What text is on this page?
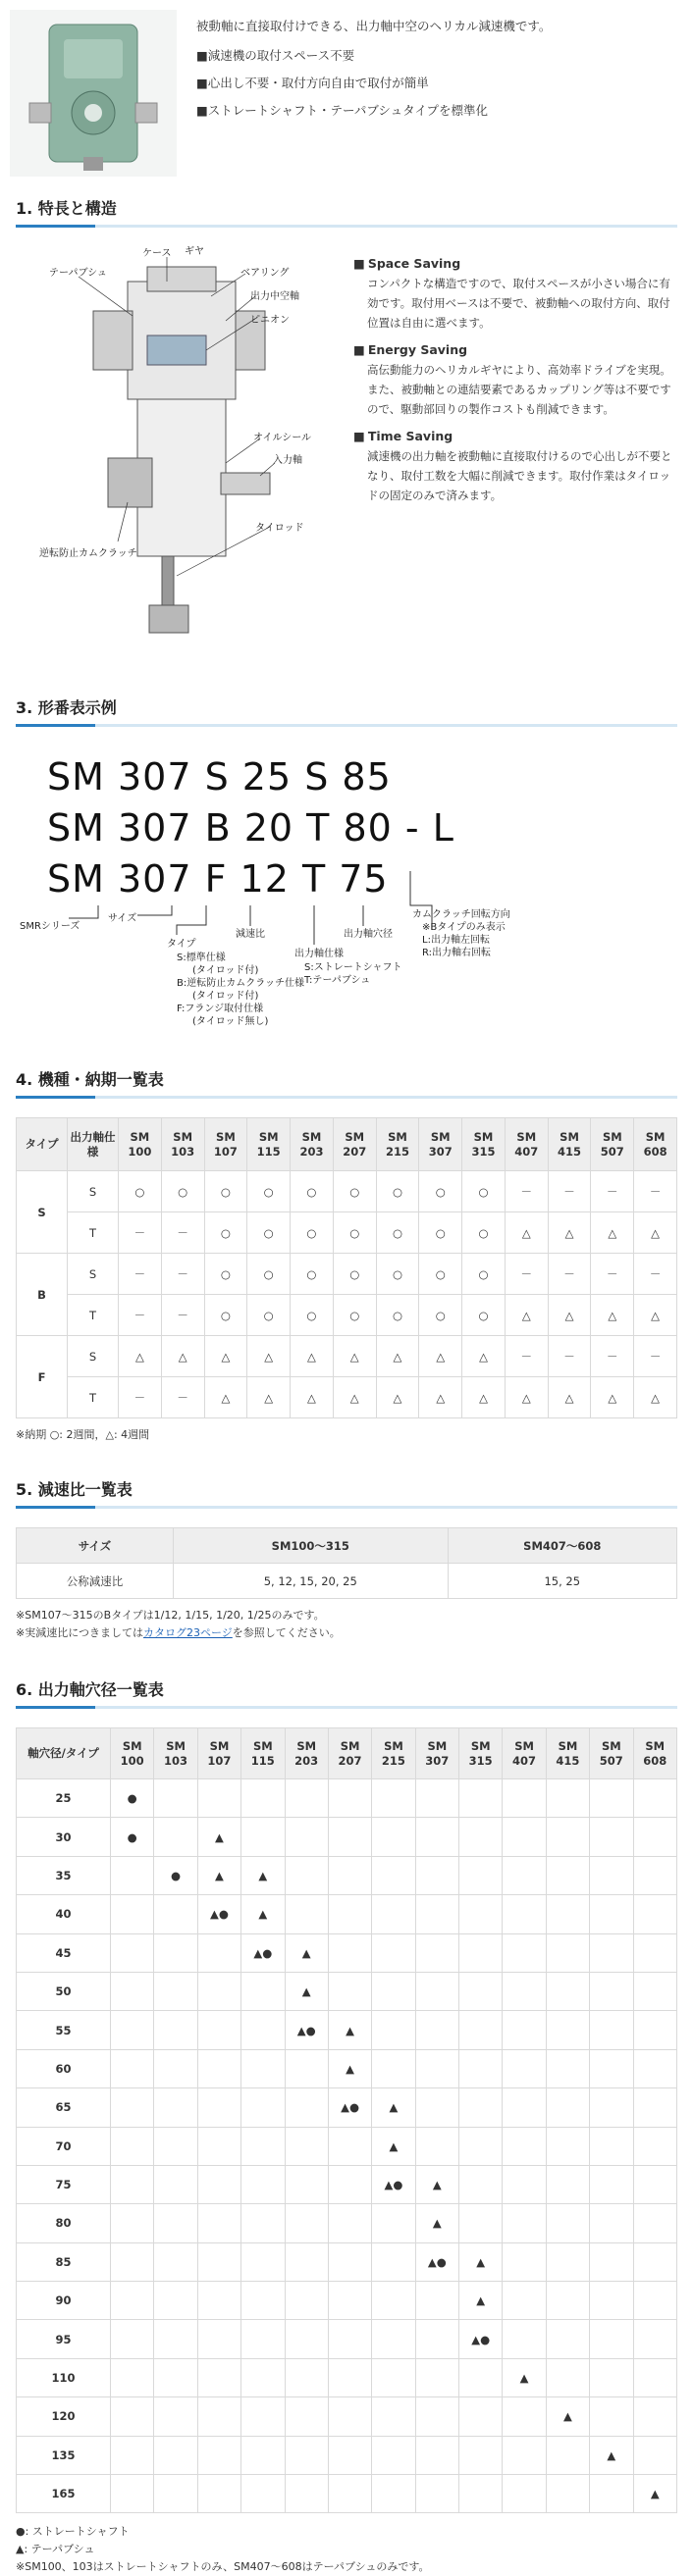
被動軸に直接取付けできる、出力軸中空のヘリカル減速機です。

■減速機の取付スペース不要
■心出し不要・取付方向自由で取付が簡単
■ストレートシャフト・テーパブシュタイプを標準化
1. 特長と構造
ケース ギヤ
テーパブシュ	ベアリング
出力中空軸
ピニオン
オイルシール
入力軸
タイロッド
逆転防止カムクラッチ
■ Space Saving
コンパクトな構造ですので、取付スペースが小さい場合に有効です。取付用ベースは不要で、被動軸への取付方向、取付位置は自由に選べます。
■ Energy Saving
高伝動能力のヘリカルギヤにより、高効率ドライブを実現。また、被動軸との連結要素であるカップリング等は不要ですので、駆動部回りの製作コストも削減できます。
■ Time Saving
減速機の出力軸を被動軸に直接取付けるので心出しが不要となり、取付工数を大幅に削減できます。取付作業はタイロッドの固定のみで済みます。
3. 形番表示例
SM 307 S 25 S 85
SM 307 B 20 T 80 - L
SM 307 F 12 T 75
SMRシリーズ
サイズ
タイプ
S:標準仕様
(タイロッド付)
B:逆転防止カムクラッチ仕様
(タイロッド付)
F:フランジ取付仕様
(タイロッド無し)
減速比
出力軸仕様
S:ストレートシャフト
T:テーパブシュ
出力軸穴径
カムクラッチ回転方向
※Bタイプのみ表示
L:出力軸左回転
R:出力軸右回転
4. 機種・納期一覧表
タイプ	出力軸仕様	SM 100	SM 103	SM 107	SM 115	SM 203	SM 207	SM 215	SM 307	SM 315	SM 407	SM 415	SM 507	SM 608
S	S	○	○	○	○	○	○	○	○	○	－	－	－	－
	T	－	－	○	○	○	○	○	○	○	△	△	△	△
B	S	－	－	○	○	○	○	○	○	○	－	－	－	－
	T	－	－	○	○	○	○	○	○	○	△	△	△	△
F	S	△	△	△	△	△	△	△	△	△	－	－	－	－
	T	－	－	△	△	△	△	△	△	△	△	△	△	△
※納期 ○: 2週間，△: 4週間
5. 減速比一覧表
サイズ	SM100～315	SM407～608
公称減速比	5, 12, 15, 20, 25	15, 25
※SM107～315のBタイプは1/12, 1/15, 1/20, 1/25のみです。
※実減速比につきましてはカタログ23ページを参照してください。
6. 出力軸穴径一覧表
軸穴径/タイプ	SM 100	SM 103	SM 107	SM 115	SM 203	SM 207	SM 215	SM 307	SM 315	SM 407	SM 415	SM 507	SM 608
25	●												
30	●		▲										
35		●	▲	▲									
40			▲●	▲									
45				▲●	▲								
50					▲								
55					▲●	▲							
60						▲							
65						▲●	▲						
70							▲						
75							▲●	▲					
80								▲					
85								▲●	▲				
90									▲				
95									▲●				
110										▲			
120											▲		
135												▲	
165													▲
●: ストレートシャフト
▲: テーパブシュ
※SM100、103はストレートシャフトのみ、SM407～608はテーパブシュのみです。
